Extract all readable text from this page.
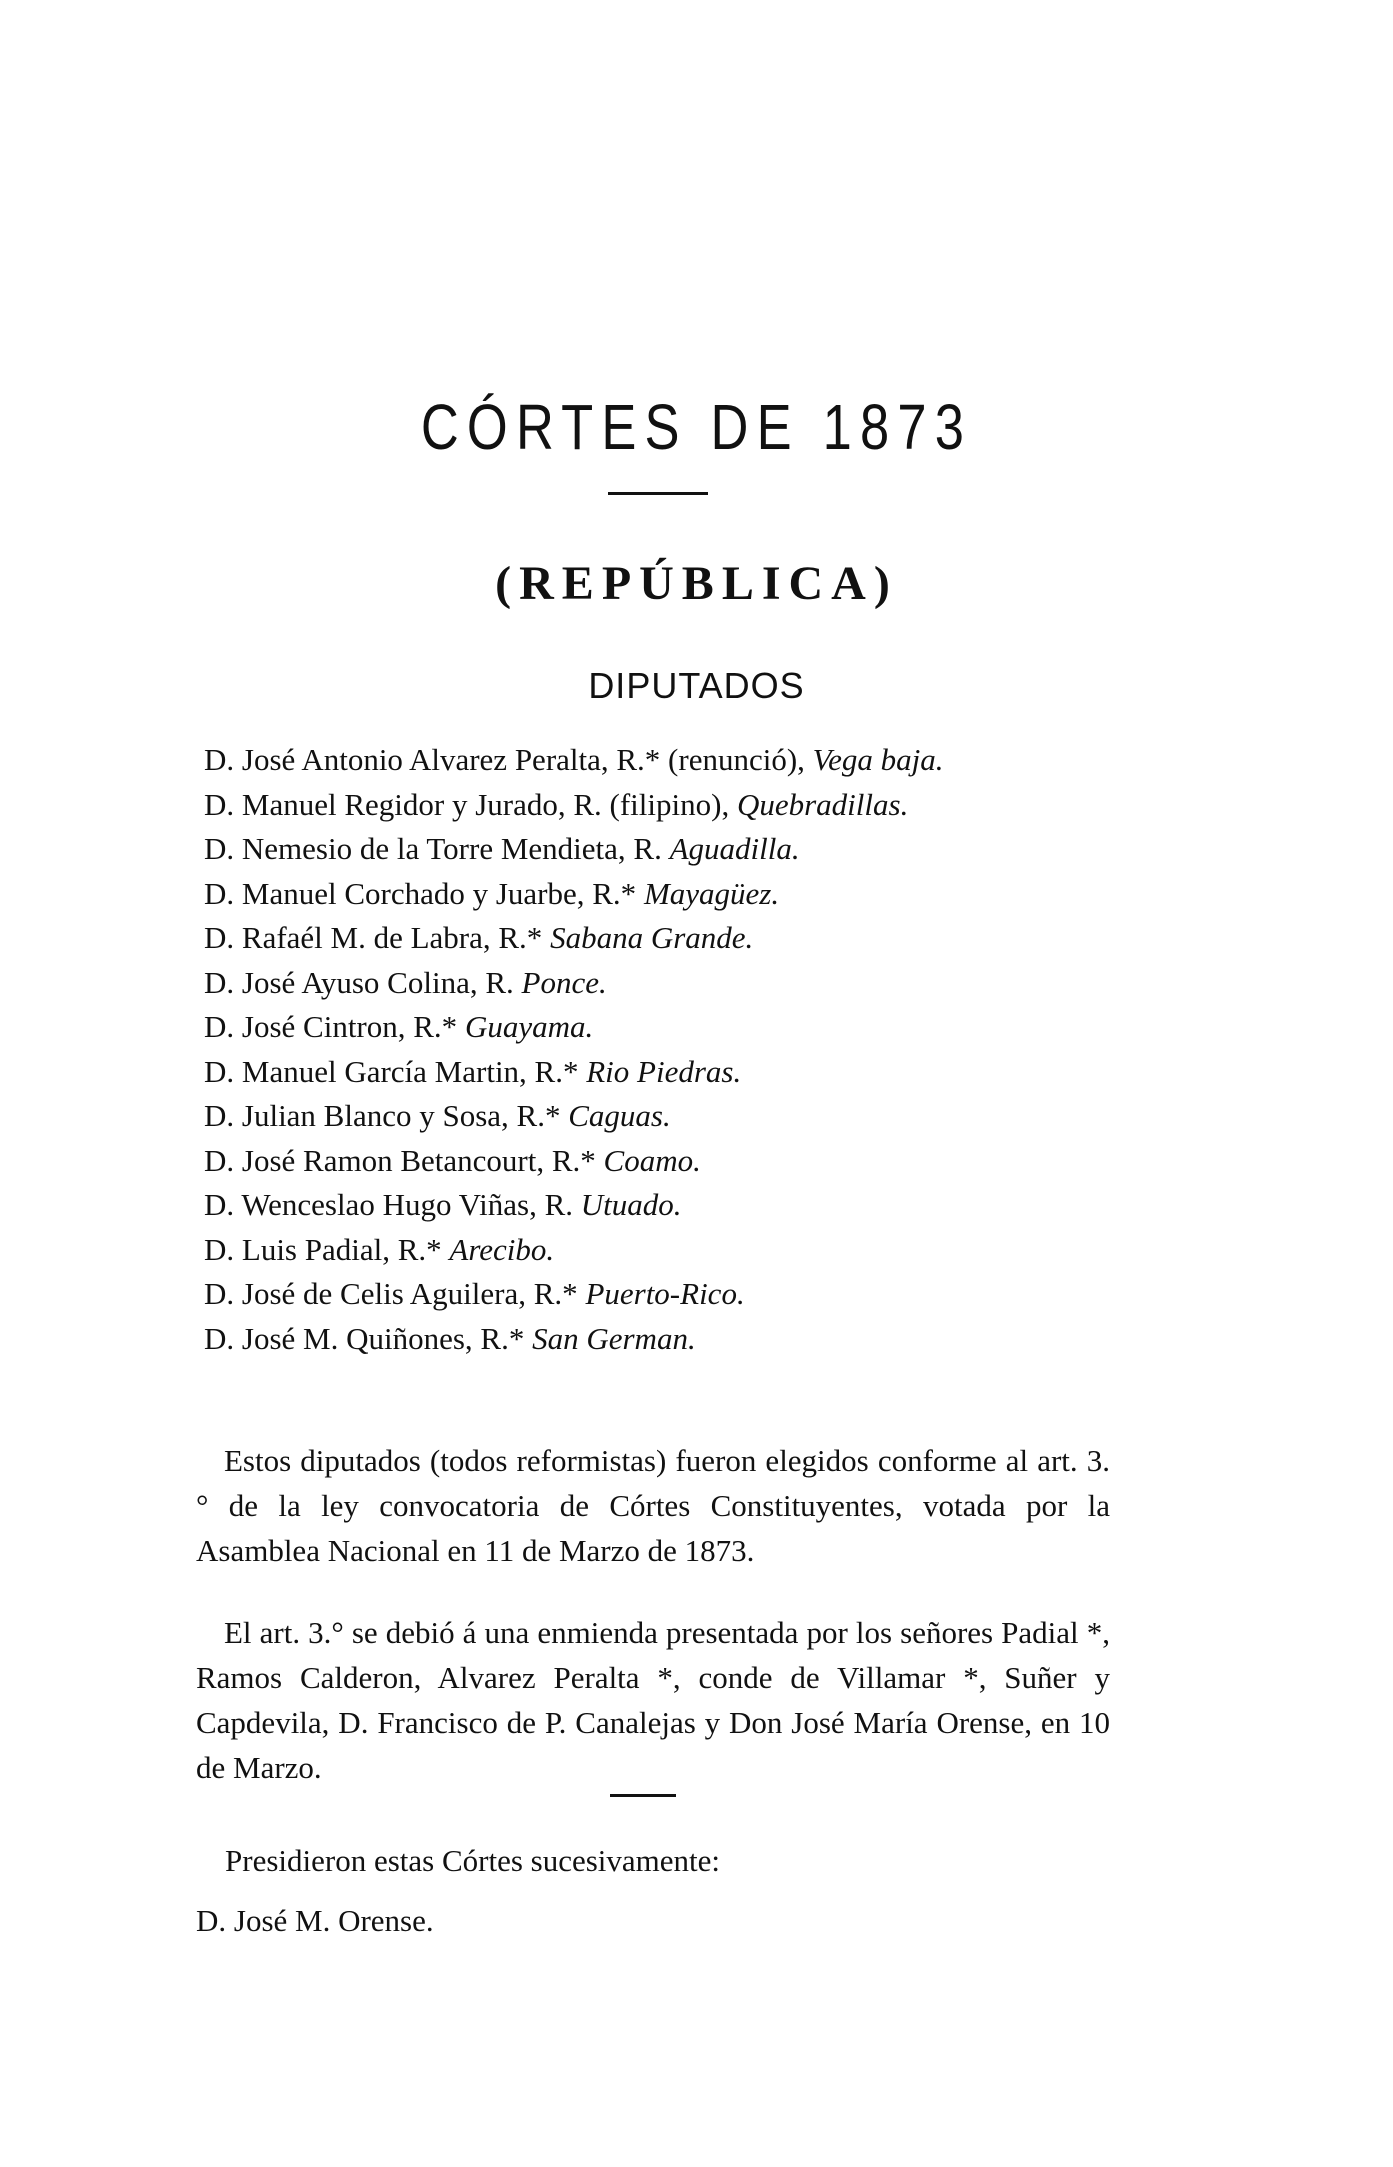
CÓRTES DE 1873
(REPÚBLICA)
DIPUTADOS
D. José Antonio Alvarez Peralta, R.* (renunció), Vega baja.
D. Manuel Regidor y Jurado, R. (filipino), Quebradillas.
D. Nemesio de la Torre Mendieta, R. Aguadilla.
D. Manuel Corchado y Juarbe, R.* Mayagüez.
D. Rafaél M. de Labra, R.* Sabana Grande.
D. José Ayuso Colina, R. Ponce.
D. José Cintron, R.* Guayama.
D. Manuel García Martin, R.* Rio Piedras.
D. Julian Blanco y Sosa, R.* Caguas.
D. José Ramon Betancourt, R.* Coamo.
D. Wenceslao Hugo Viñas, R. Utuado.
D. Luis Padial, R.* Arecibo.
D. José de Celis Aguilera, R.* Puerto-Rico.
D. José M. Quiñones, R.* San German.

Estos diputados (todos reformistas) fueron elegidos conforme al art. 3.° de la ley convocatoria de Córtes Constituyentes, votada por la Asamblea Nacional en 11 de Marzo de 1873.

El art. 3.° se debió á una enmienda presentada por los señores Padial *, Ramos Calderon, Alvarez Peralta *, conde de Villamar *, Suñer y Capdevila, D. Francisco de P. Canalejas y Don José María Orense, en 10 de Marzo.

Presidieron estas Córtes sucesivamente:
D. José M. Orense.
